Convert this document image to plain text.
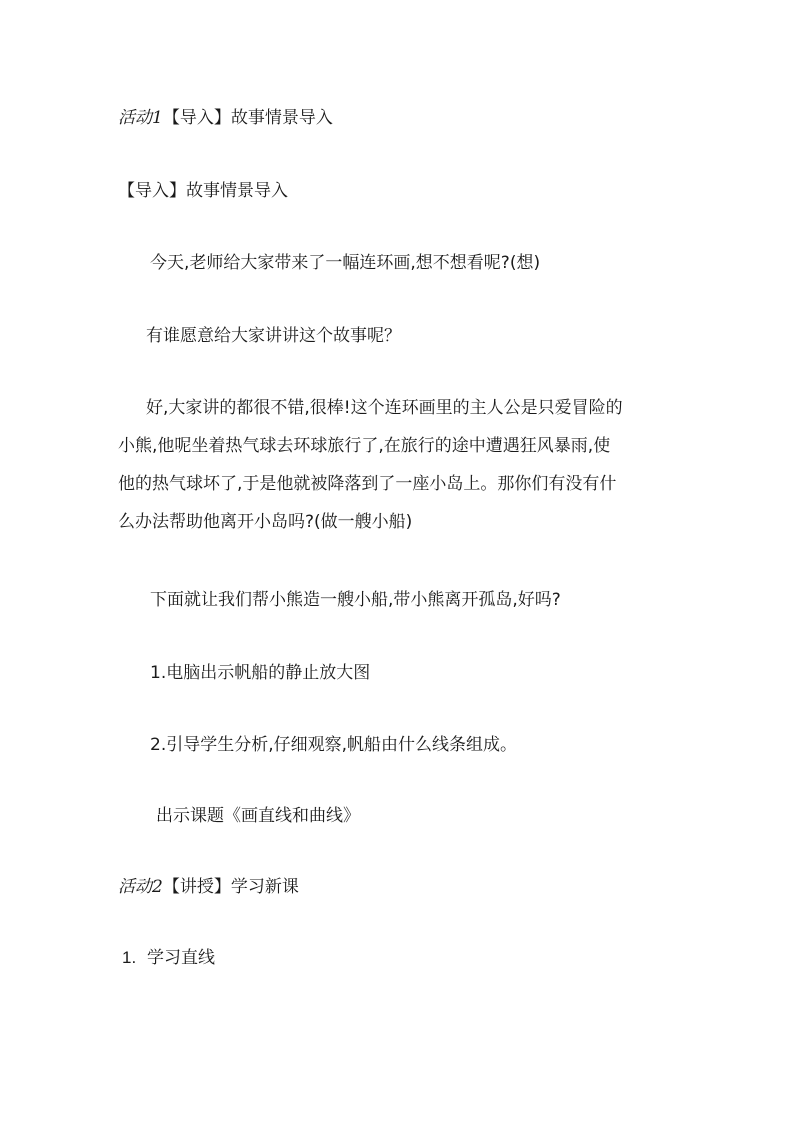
活动1【导入】故事情景导入
【导入】故事情景导入
今天,老师给大家带来了一幅连环画,想不想看呢?(想)
有谁愿意给大家讲讲这个故事呢？
好,大家讲的都很不错,很棒!这个连环画里的主人公是只爱冒险的
小熊,他呢坐着热气球去环球旅行了,在旅行的途中遭遇狂风暴雨,使
他的热气球坏了,于是他就被降落到了一座小岛上。那你们有没有什
么办法帮助他离开小岛吗?(做一艘小船)
下面就让我们帮小熊造一艘小船,带小熊离开孤岛,好吗?
1.电脑出示帆船的静止放大图
2.引导学生分析,仔细观察,帆船由什么线条组成。
出示课题《画直线和曲线》
活动2【讲授】学习新课
1. 学习直线
